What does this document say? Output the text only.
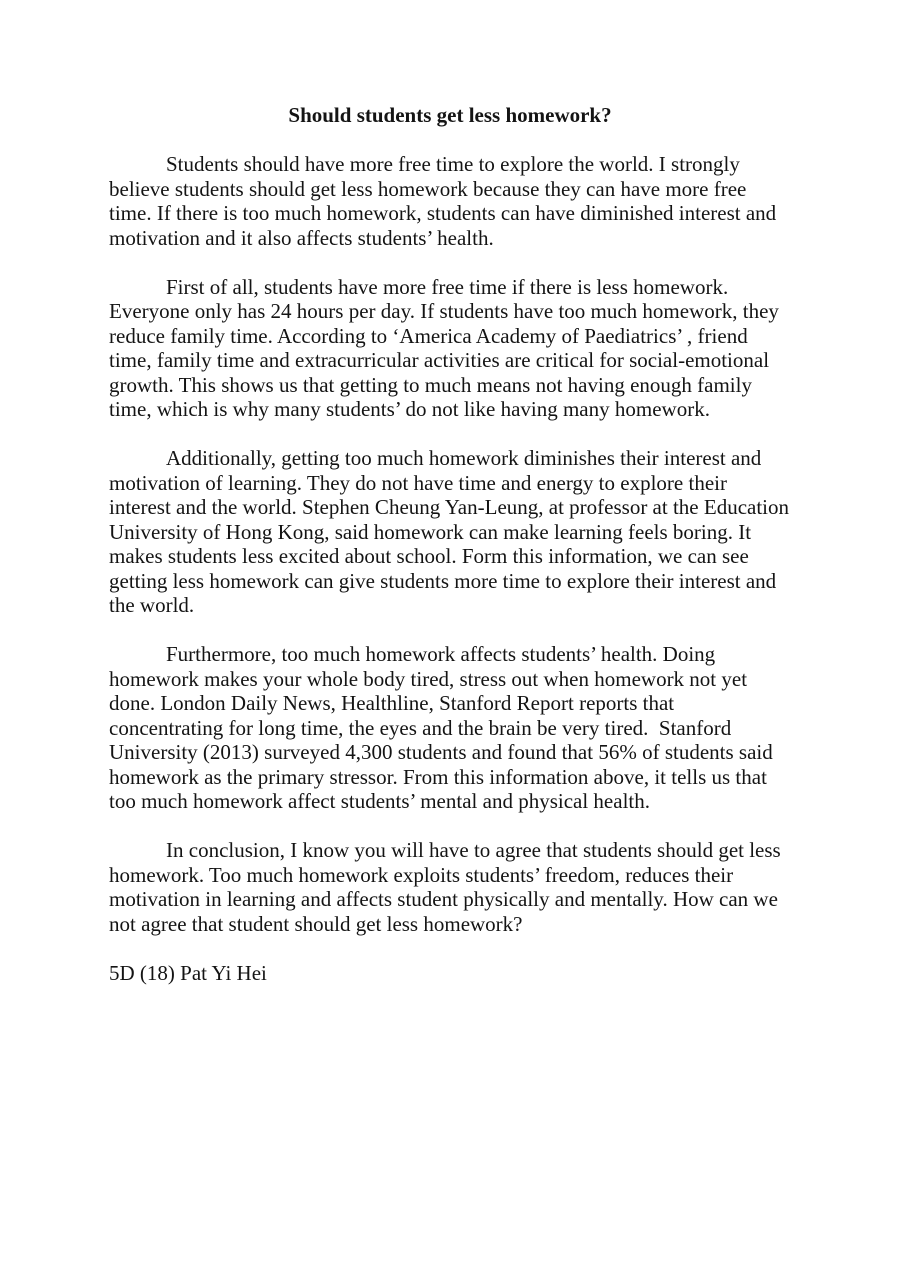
Should students get less homework?

Students should have more free time to explore the world. I strongly believe students should get less homework because they can have more free time. If there is too much homework, students can have diminished interest and motivation and it also affects students’ health.

First of all, students have more free time if there is less homework. Everyone only has 24 hours per day. If students have too much homework, they reduce family time. According to ‘America Academy of Paediatrics’ , friend time, family time and extracurricular activities are critical for social-emotional growth. This shows us that getting to much means not having enough family time, which is why many students’ do not like having many homework.

Additionally, getting too much homework diminishes their interest and motivation of learning. They do not have time and energy to explore their interest and the world. Stephen Cheung Yan-Leung, at professor at the Education University of Hong Kong, said homework can make learning feels boring. It makes students less excited about school. Form this information, we can see getting less homework can give students more time to explore their interest and the world.

Furthermore, too much homework affects students’ health. Doing homework makes your whole body tired, stress out when homework not yet done. London Daily News, Healthline, Stanford Report reports that concentrating for long time, the eyes and the brain be very tired.  Stanford University (2013) surveyed 4,300 students and found that 56% of students said homework as the primary stressor. From this information above, it tells us that too much homework affect students’ mental and physical health.

In conclusion, I know you will have to agree that students should get less homework. Too much homework exploits students’ freedom, reduces their motivation in learning and affects student physically and mentally. How can we not agree that student should get less homework?

5D (18) Pat Yi Hei
